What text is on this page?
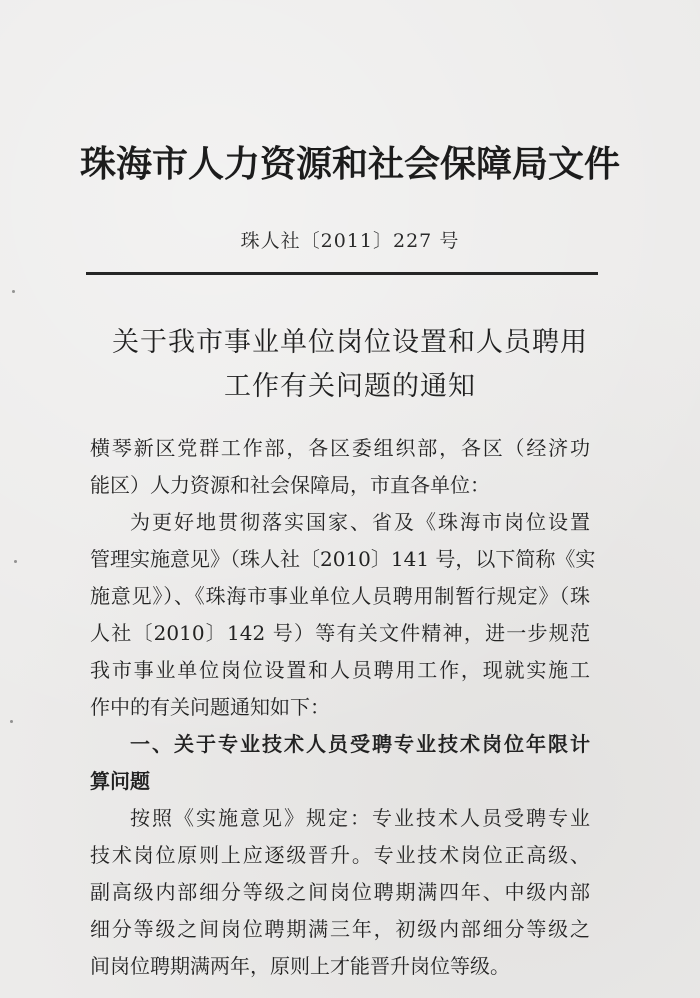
珠海市人力资源和社会保障局文件
珠人社〔2011〕227 号
关于我市事业单位岗位设置和人员聘用
工作有关问题的通知
横琴新区党群工作部，各区委组织部，各区（经济功
能区）人力资源和社会保障局，市直各单位：
为更好地贯彻落实国家、省及《珠海市岗位设置
管理实施意见》（珠人社〔2010〕141 号，以下简称《实
施意见》）、《珠海市事业单位人员聘用制暂行规定》（珠
人社〔2010〕142 号）等有关文件精神，进一步规范
我市事业单位岗位设置和人员聘用工作，现就实施工
作中的有关问题通知如下：
一、关于专业技术人员受聘专业技术岗位年限计
算问题
按照《实施意见》规定：专业技术人员受聘专业
技术岗位原则上应逐级晋升。专业技术岗位正高级、
副高级内部细分等级之间岗位聘期满四年、中级内部
细分等级之间岗位聘期满三年，初级内部细分等级之
间岗位聘期满两年，原则上才能晋升岗位等级。
